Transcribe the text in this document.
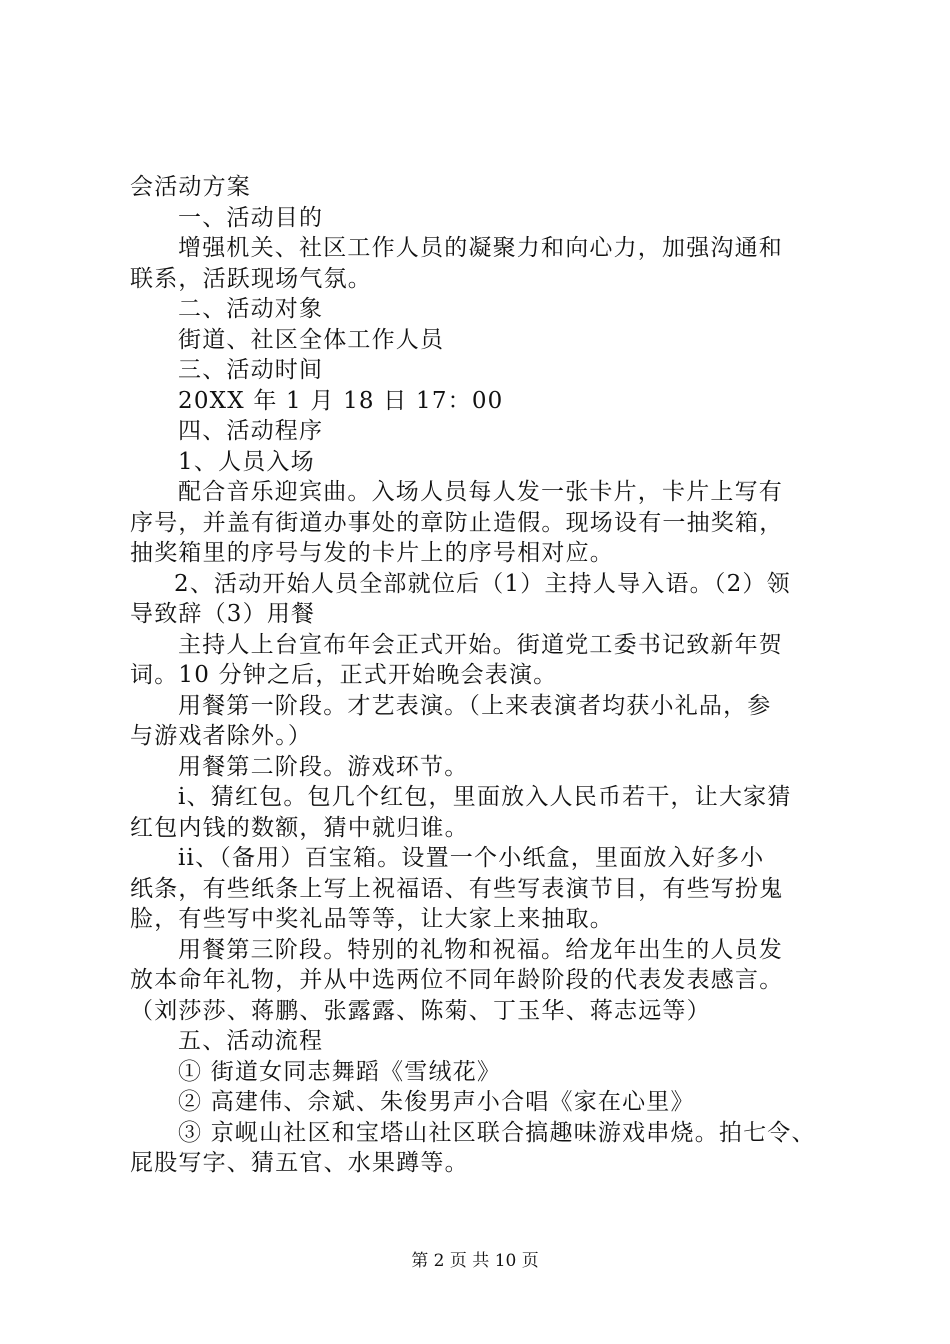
会活动方案
一、活动目的
增强机关、社区工作人员的凝聚力和向心力，加强沟通和
联系，活跃现场气氛。
二、活动对象
街道、社区全体工作人员
三、活动时间
20XX 年 1 月 18 日 17：00
四、活动程序
1、人员入场
配合音乐迎宾曲。入场人员每人发一张卡片，卡片上写有
序号，并盖有街道办事处的章防止造假。现场设有一抽奖箱，
抽奖箱里的序号与发的卡片上的序号相对应。
2、活动开始人员全部就位后（1）主持人导入语。（2）领
导致辞（3）用餐
主持人上台宣布年会正式开始。街道党工委书记致新年贺
词。10 分钟之后，正式开始晚会表演。
用餐第一阶段。才艺表演。（上来表演者均获小礼品，参
与游戏者除外。）
用餐第二阶段。游戏环节。
i、猜红包。包几个红包，里面放入人民币若干，让大家猜
红包内钱的数额，猜中就归谁。
ii、（备用）百宝箱。设置一个小纸盒，里面放入好多小
纸条，有些纸条上写上祝福语、有些写表演节目，有些写扮鬼
脸，有些写中奖礼品等等，让大家上来抽取。
用餐第三阶段。特别的礼物和祝福。给龙年出生的人员发
放本命年礼物，并从中选两位不同年龄阶段的代表发表感言。
（刘莎莎、蒋鹏、张露露、陈菊、丁玉华、蒋志远等）
五、活动流程
① 街道女同志舞蹈《雪绒花》
② 高建伟、佘斌、朱俊男声小合唱《家在心里》
③ 京岘山社区和宝塔山社区联合搞趣味游戏串烧。拍七令、
屁股写字、猜五官、水果蹲等。
第 2 页 共 10 页
